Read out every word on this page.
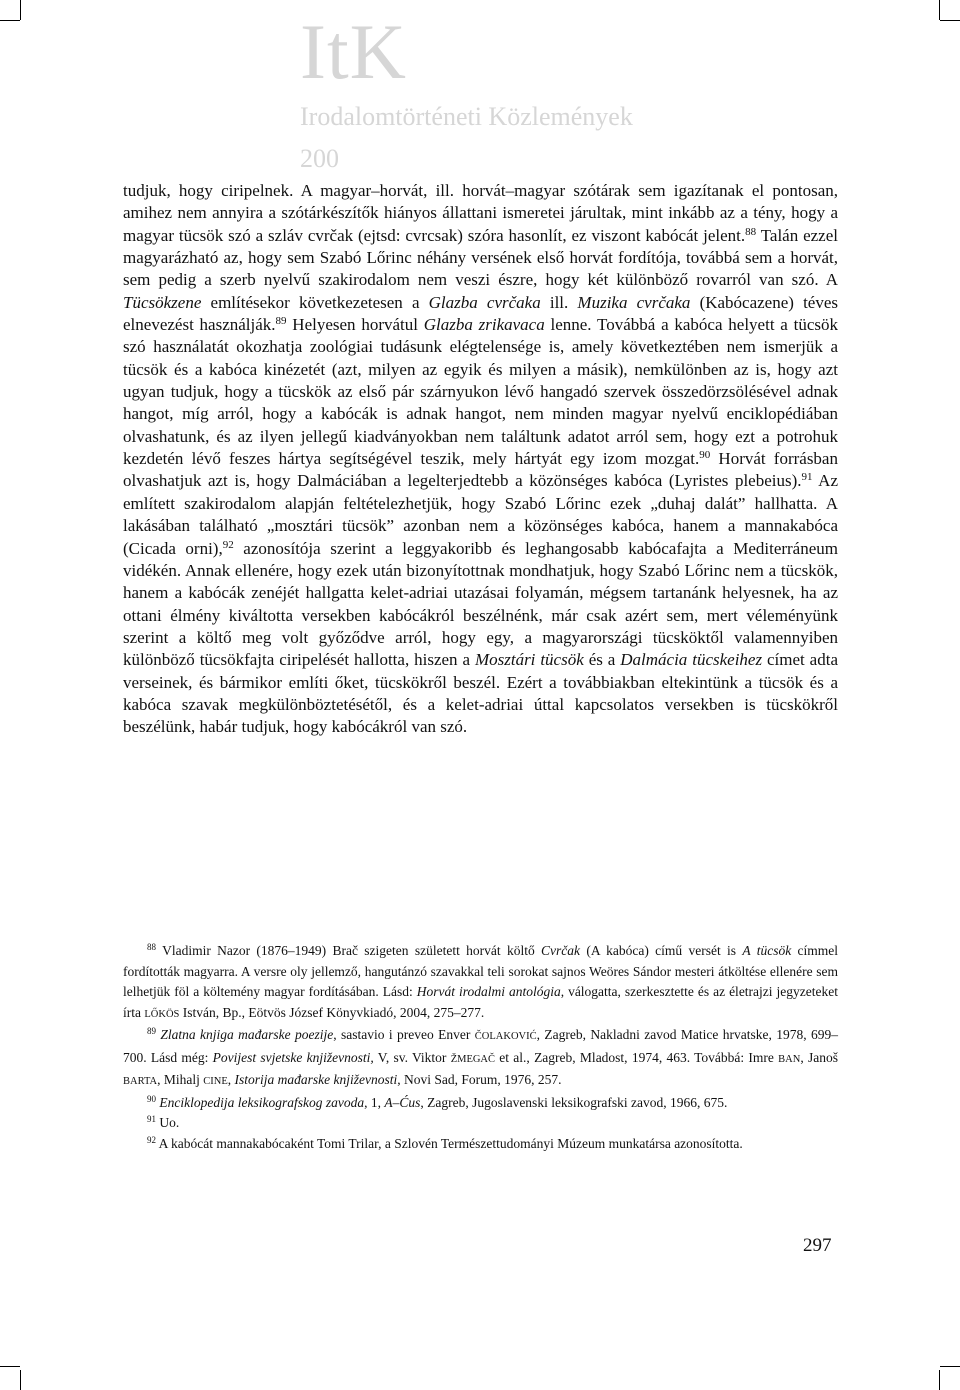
ItK
Irodalomtörténeti Közlemények
200

tudjuk, hogy ciripelnek. A magyar–horvát, ill. horvát–magyar szótárak sem igazítanak el pontosan, amihez nem annyira a szótárkészítők hiányos állattani ismeretei járultak, mint inkább az a tény, hogy a magyar tücsök szó a szláv cvrčak (ejtsd: cvrcsak) szóra hasonlít, ez viszont kabócát jelent.$^{88}$ Talán ezzel magyarázható az, hogy sem Szabó Lőrinc néhány versének első horvát fordítója, továbbá sem a horvát, sem pedig a szerb nyelvű szakirodalom nem veszi észre, hogy két különböző rovarról van szó. A Tücsökzene említésekor következetesen a Glazba cvrčaka ill. Muzika cvrčaka (Kabócazene) téves elnevezést használják.$^{89}$ Helyesen horvátul Glazba zrikavaca lenne. Továbbá a kabóca helyett a tücsök szó használatát okozhatja zoológiai tudásunk elégtelensége is, amely következtében nem ismerjük a tücsök és a kabóca kinézetét (azt, milyen az egyik és milyen a másik), nemkülönben az is, hogy azt ugyan tudjuk, hogy a tücskök az első pár szárnyukon lévő hangadó szervek összedörzsölésével adnak hangot, míg arról, hogy a kabócák is adnak hangot, nem minden magyar nyelvű enciklopédiában olvashatunk, és az ilyen jellegű kiadványokban nem találtunk adatot arról sem, hogy ezt a potrohuk kezdetén lévő feszes hártya segítségével teszik, mely hártyát egy izom mozgat.$^{90}$ Horvát forrásban olvashatjuk azt is, hogy Dalmáciában a legelterjedtebb a közönséges kabóca (Lyristes plebeius).$^{91}$ Az említett szakirodalom alapján feltételezhetjük, hogy Szabó Lőrinc ezek „duhaj dalát” hallhatta. A lakásában található „mosztári tücsök” azonban nem a közönséges kabóca, hanem a mannakabóca (Cicada orni),$^{92}$ azonosítója szerint a leggyakoribb és leghangosabb kabócafajta a Mediterráneum vidékén. Annak ellenére, hogy ezek után bizonyítottnak mondhatjuk, hogy Szabó Lőrinc nem a tücskök, hanem a kabócák zenéjét hallgatta kelet-adriai utazásai folyamán, mégsem tartanánk helyesnek, ha az ottani élmény kiváltotta versekben kabócákról beszélnénk, már csak azért sem, mert véleményünk szerint a költő meg volt győződve arról, hogy egy, a magyarországi tücsköktől valamennyiben különböző tücsökfajta ciripelését hallotta, hiszen a Mosztári tücsök és a Dalmácia tücskeihez címet adta verseinek, és bármikor említi őket, tücskökről beszél. Ezért a továbbiakban eltekintünk a tücsök és a kabóca szavak megkülönböztetésétől, és a kelet-adriai úttal kapcsolatos versekben is tücskökről beszélünk, habár tudjuk, hogy kabócákról van szó.

$^{88}$ Vladimir Nazor (1876–1949) Brač szigeten született horvát költő Cvrčak (A kabóca) című versét is A tücsök címmel fordították magyarra. A versre oly jellemző, hangutánzó szavakkal teli sorokat sajnos Weöres Sándor mesteri átköltése ellenére sem lelhetjük föl a költemény magyar fordításában. Lásd: Horvát irodalmi antológia, válogatta, szerkesztette és az életrajzi jegyzeteket írta LŐKÖS István, Bp., Eötvös József Könyvkiadó, 2004, 275–277.

$^{89}$ Zlatna knjiga mađarske poezije, sastavio i preveo Enver ČOLAKOVIĆ, Zagreb, Nakladni zavod Matice hrvatske, 1978, 699–700. Lásd még: Povijest svjetske književnosti, V, sv. Viktor ŽMEGAČ et al., Zagreb, Mladost, 1974, 463. Továbbá: Imre BAN, Janoš BARTA, Mihalj CINE, Istorija mađarske književnosti, Novi Sad, Forum, 1976, 257.

$^{90}$ Enciklopedija leksikografskog zavoda, 1, A–Ćus, Zagreb, Jugoslavenski leksikografski zavod, 1966, 675.

$^{91}$ Uo.

$^{92}$ A kabócát mannakabócaként Tomi Trilar, a Szlovén Természettudományi Múzeum munkatársa azonosította.

297
